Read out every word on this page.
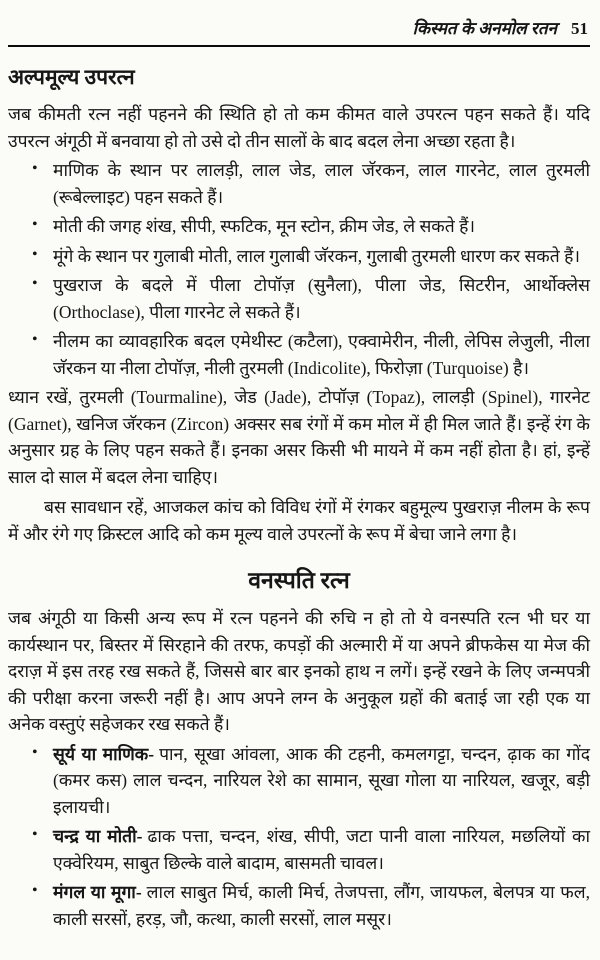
किस्मत के अनमोल रतन 51
अल्पमूल्य उपरत्न

जब कीमती रत्न नहीं पहनने की स्थिति हो तो कम कीमत वाले उपरत्न पहन सकते हैं। यदि उपरत्न अंगूठी में बनवाया हो तो उसे दो तीन सालों के बाद बदल लेना अच्छा रहता है।

• माणिक के स्थान पर लालड़ी, लाल जेड, लाल जॅरकन, लाल गारनेट, लाल तुरमली (रूबेल्लाइट) पहन सकते हैं।
• मोती की जगह शंख, सीपी, स्फटिक, मून स्टोन, क्रीम जेड, ले सकते हैं।
• मूंगे के स्थान पर गुलाबी मोती, लाल गुलाबी जॅरकन, गुलाबी तुरमली धारण कर सकते हैं।
• पुखराज के बदले में पीला टोपॉज़ (सुनैला), पीला जेड, सिटरीन, आर्थोक्लेस (Orthoclase), पीला गारनेट ले सकते हैं।
• नीलम का व्यावहारिक बदल एमेथीस्ट (कटैला), एक्वामेरीन, नीली, लेपिस लेजुली, नीला जॅरकन या नीला टोपॉज़, नीली तुरमली (Indicolite), फिरोज़ा (Turquoise) है।

ध्यान रखें, तुरमली (Tourmaline), जेड (Jade), टोपॉज़ (Topaz), लालड़ी (Spinel), गारनेट (Garnet), खनिज जॅरकन (Zircon) अक्सर सब रंगों में कम मोल में ही मिल जाते हैं। इन्हें रंग के अनुसार ग्रह के लिए पहन सकते हैं। इनका असर किसी भी मायने में कम नहीं होता है। हां, इन्हें साल दो साल में बदल लेना चाहिए।

बस सावधान रहें, आजकल कांच को विविध रंगों में रंगकर बहुमूल्य पुखराज़ नीलम के रूप में और रंगे गए क्रिस्टल आदि को कम मूल्य वाले उपरत्नों के रूप में बेचा जाने लगा है।

वनस्पति रत्न

जब अंगूठी या किसी अन्य रूप में रत्न पहनने की रुचि न हो तो ये वनस्पति रत्न भी घर या कार्यस्थान पर, बिस्तर में सिरहाने की तरफ, कपड़ों की अल्मारी में या अपने ब्रीफकेस या मेज की दराज़ में इस तरह रख सकते हैं, जिससे बार बार इनको हाथ न लगें। इन्हें रखने के लिए जन्मपत्री की परीक्षा करना जरूरी नहीं है। आप अपने लग्न के अनुकूल ग्रहों की बताई जा रही एक या अनेक वस्तुएं सहेजकर रख सकते हैं।

• सूर्य या माणिक- पान, सूखा आंवला, आक की टहनी, कमलगट्टा, चन्दन, ढ़ाक का गोंद (कमर कस) लाल चन्दन, नारियल रेशे का सामान, सूखा गोला या नारियल, खजूर, बड़ी इलायची।
• चन्द्र या मोती- ढाक पत्ता, चन्दन, शंख, सीपी, जटा पानी वाला नारियल, मछलियों का एक्वेरियम, साबुत छिल्के वाले बादाम, बासमती चावल।
• मंगल या मूगा- लाल साबुत मिर्च, काली मिर्च, तेजपत्ता, लौंग, जायफल, बेलपत्र या फल, काली सरसों, हरड़, जौ, कत्था, काली सरसों, लाल मसूर।
